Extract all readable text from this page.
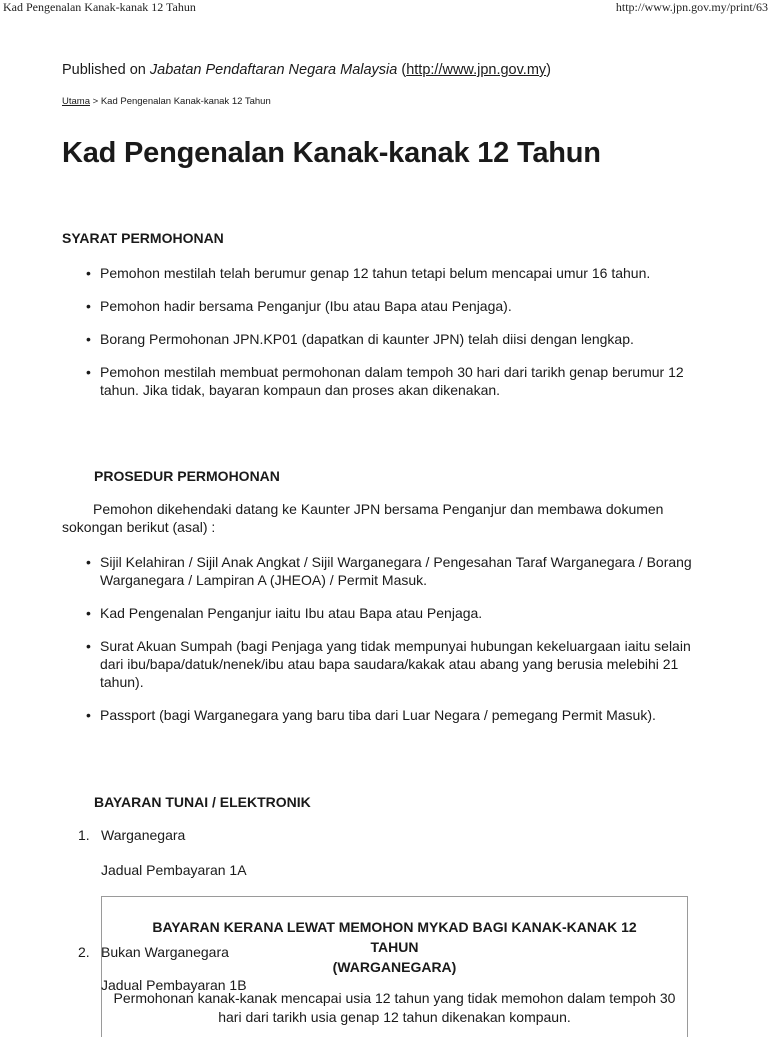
Kad Pengenalan Kanak-kanak 12 Tahun	http://www.jpn.gov.my/print/63
Published on Jabatan Pendaftaran Negara Malaysia (http://www.jpn.gov.my)
Utama > Kad Pengenalan Kanak-kanak 12 Tahun
Kad Pengenalan Kanak-kanak 12 Tahun
SYARAT PERMOHONAN
• Pemohon mestilah telah berumur genap 12 tahun tetapi belum mencapai umur 16 tahun.
• Pemohon hadir bersama Penganjur (Ibu atau Bapa atau Penjaga).
• Borang Permohonan JPN.KP01 (dapatkan di kaunter JPN) telah diisi dengan lengkap.
• Pemohon mestilah membuat permohonan dalam tempoh 30 hari dari tarikh genap berumur 12 tahun. Jika tidak, bayaran kompaun dan proses akan dikenakan.
PROSEDUR PERMOHONAN
Pemohon dikehendaki datang ke Kaunter JPN bersama Penganjur dan membawa dokumen sokongan berikut (asal) :
• Sijil Kelahiran / Sijil Anak Angkat / Sijil Warganegara / Pengesahan Taraf Warganegara / Borang Warganegara / Lampiran A (JHEOA) / Permit Masuk.
• Kad Pengenalan Penganjur iaitu Ibu atau Bapa atau Penjaga.
• Surat Akuan Sumpah (bagi Penjaga yang tidak mempunyai hubungan kekeluargaan iaitu selain dari ibu/bapa/datuk/nenek/ibu atau bapa saudara/kakak atau abang yang berusia melebihi 21 tahun).
• Passport (bagi Warganegara yang baru tiba dari Luar Negara / pemegang Permit Masuk).
BAYARAN TUNAI / ELEKTRONIK
1. Warganegara
Jadual Pembayaran 1A
BAYARAN KERANA LEWAT MEMOHON MYKAD BAGI KANAK-KANAK 12
TAHUN
(WARGANEGARA)
Permohonan kanak-kanak mencapai usia 12 tahun yang tidak memohon dalam tempoh 30 hari dari tarikh usia genap 12 tahun dikenakan kompaun.
2. Bukan Warganegara
Jadual Pembayaran 1B
